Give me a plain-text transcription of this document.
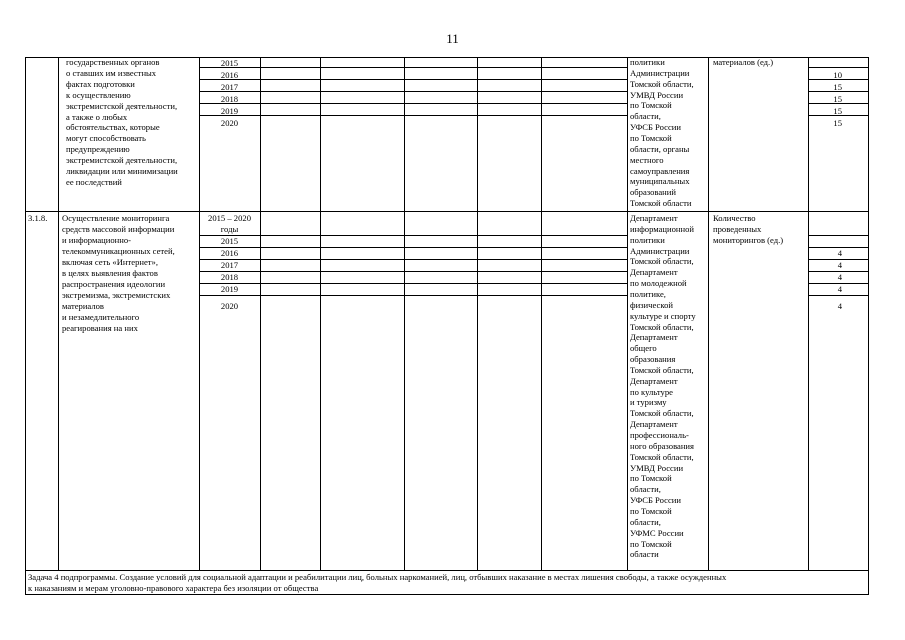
11
государственных органов
о ставших им известных
фактах подготовки
к осуществлению
экстремистской деятельности,
а также о любых
обстоятельствах, которые
могут способствовать
предупреждению
экстремистской деятельности,
ликвидации или минимизации
ее последствий
2015
2016
2017
2018
2019
2020
политики
Администрации
Томской области,
УМВД России
по Томской
области,
УФСБ России
по Томской
области, органы
местного
самоуправления
муниципальных
образований
Томской области
материалов (ед.)
10
15
15
15
15
3.1.8. Осуществление мониторинга
средств массовой информации
и информационно-
телекоммуникационных сетей,
включая сеть «Интернет»,
в целях выявления фактов
распространения идеологии
экстремизма, экстремистских
материалов
и незамедлительного
реагирования на них
2015 – 2020
годы
2015
2016
2017
2018
2019
2020
Департамент
информационной
политики
Администрации
Томской области,
Департамент
по молодежной
политике,
физической
культуре и спорту
Томской области,
Департамент
общего
образования
Томской области,
Департамент
по культуре
и туризму
Томской области,
Департамент
профессиональ-
ного образования
Томской области,
УМВД России
по Томской
области,
УФСБ России
по Томской
области,
УФМС России
по Томской
области
Количество
проведенных
мониторингов (ед.)
4
4
4
4
4
Задача 4 подпрограммы. Создание условий для социальной адаптации и реабилитации лиц, больных наркоманией, лиц, отбывших наказание в местах лишения свободы, а также осужденных
к наказаниям и мерам уголовно-правового характера без изоляции от общества
